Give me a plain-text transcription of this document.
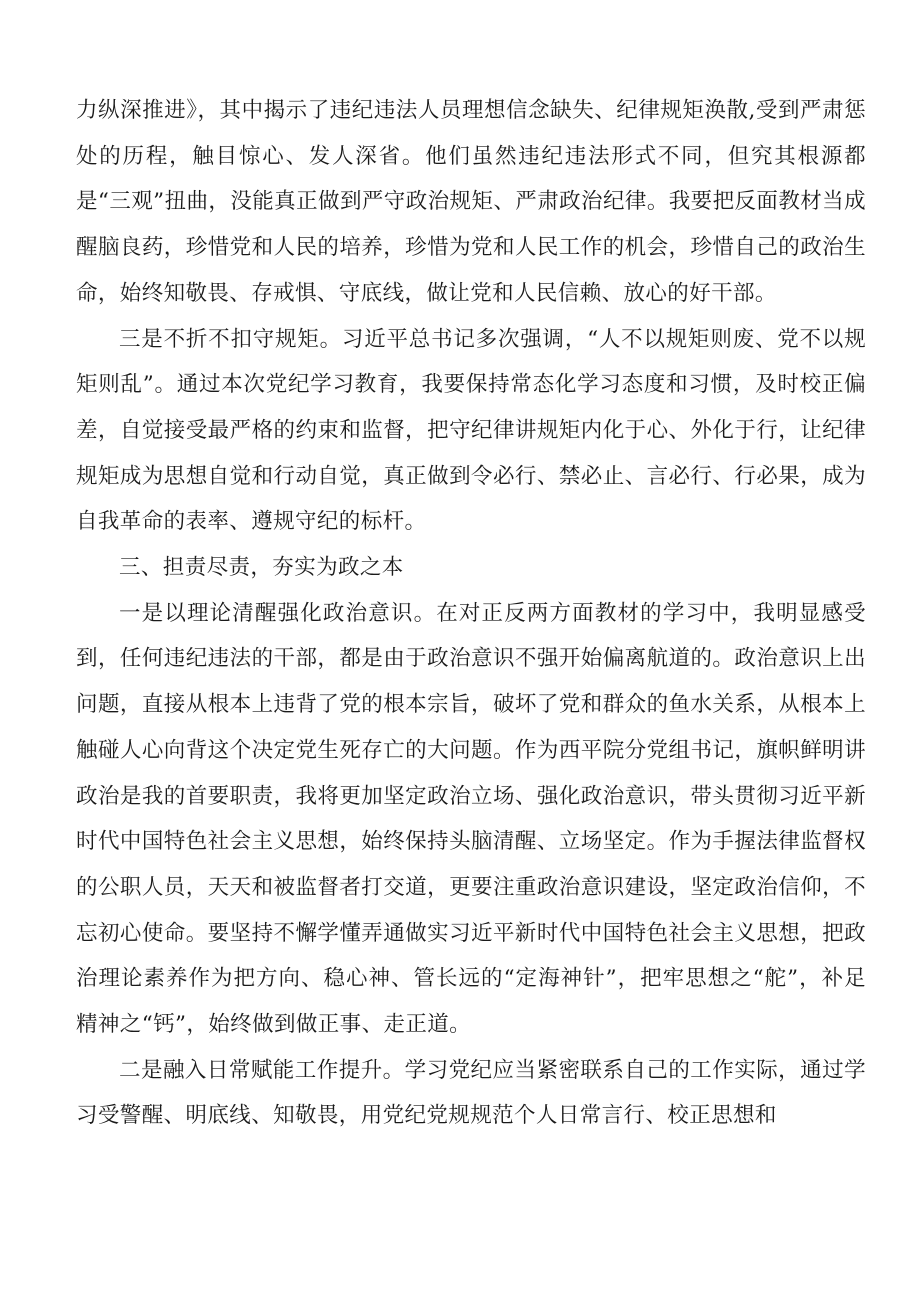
力纵深推进》，其中揭示了违纪违法人员理想信念缺失、纪律规矩涣散,受到严肃惩处的历程，触目惊心、发人深省。他们虽然违纪违法形式不同，但究其根源都是“三观”扭曲，没能真正做到严守政治规矩、严肃政治纪律。我要把反面教材当成醒脑良药，珍惜党和人民的培养，珍惜为党和人民工作的机会，珍惜自己的政治生命，始终知敬畏、存戒惧、守底线，做让党和人民信赖、放心的好干部。

三是不折不扣守规矩。习近平总书记多次强调，“人不以规矩则废、党不以规矩则乱”。通过本次党纪学习教育，我要保持常态化学习态度和习惯，及时校正偏差，自觉接受最严格的约束和监督，把守纪律讲规矩内化于心、外化于行，让纪律规矩成为思想自觉和行动自觉，真正做到令必行、禁必止、言必行、行必果，成为自我革命的表率、遵规守纪的标杆。

三、担责尽责，夯实为政之本

一是以理论清醒强化政治意识。在对正反两方面教材的学习中，我明显感受到，任何违纪违法的干部，都是由于政治意识不强开始偏离航道的。政治意识上出问题，直接从根本上违背了党的根本宗旨，破坏了党和群众的鱼水关系，从根本上触碰人心向背这个决定党生死存亡的大问题。作为西平院分党组书记，旗帜鲜明讲政治是我的首要职责，我将更加坚定政治立场、强化政治意识，带头贯彻习近平新时代中国特色社会主义思想，始终保持头脑清醒、立场坚定。作为手握法律监督权的公职人员，天天和被监督者打交道，更要注重政治意识建设，坚定政治信仰，不忘初心使命。要坚持不懈学懂弄通做实习近平新时代中国特色社会主义思想，把政治理论素养作为把方向、稳心神、管长远的“定海神针”，把牢思想之“舵”，补足精神之“钙”，始终做到做正事、走正道。

二是融入日常赋能工作提升。学习党纪应当紧密联系自己的工作实际，通过学习受警醒、明底线、知敬畏，用党纪党规规范个人日常言行、校正思想和
